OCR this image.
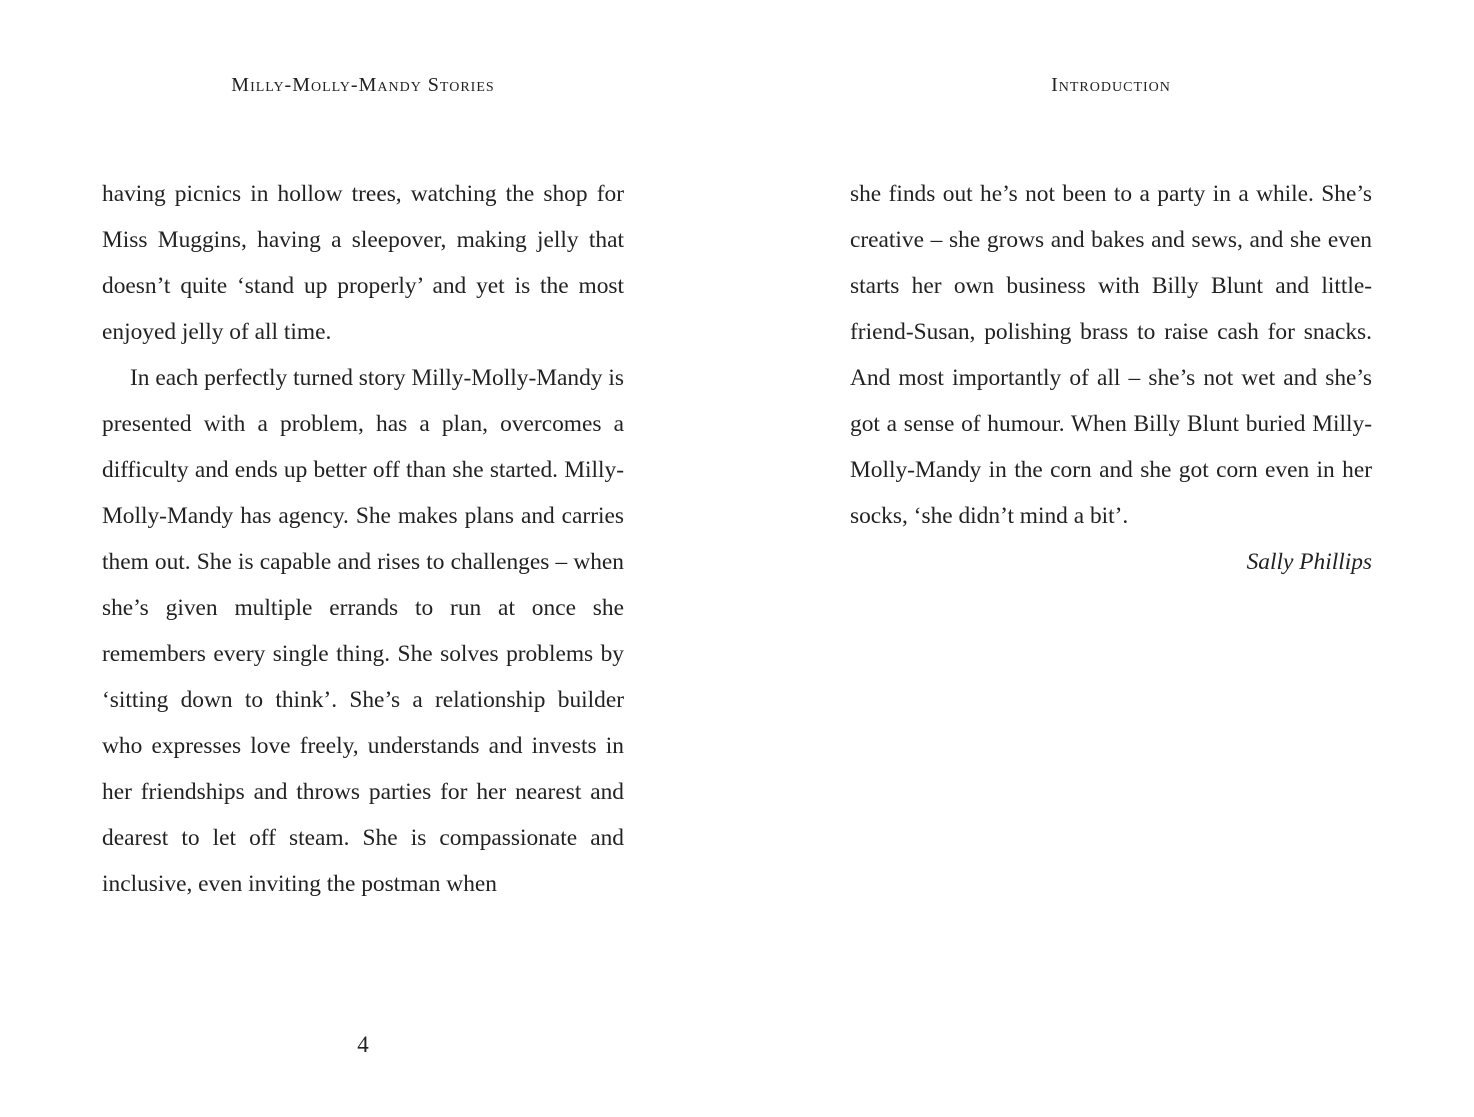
Milly-Molly-Mandy Stories

having picnics in hollow trees, watching the shop for Miss Muggins, having a sleepover, making jelly that doesn’t quite ‘stand up properly’ and yet is the most enjoyed jelly of all time.

In each perfectly turned story Milly-Molly-Mandy is presented with a problem, has a plan, overcomes a difficulty and ends up better off than she started. Milly-Molly-Mandy has agency. She makes plans and carries them out. She is capable and rises to challenges – when she’s given multiple errands to run at once she remembers every single thing. She solves problems by ‘sitting down to think’. She’s a relationship builder who expresses love freely, understands and invests in her friendships and throws parties for her nearest and dearest to let off steam. She is compassionate and inclusive, even inviting the postman when

4
Introduction

she finds out he’s not been to a party in a while. She’s creative – she grows and bakes and sews, and she even starts her own business with Billy Blunt and little-friend-Susan, polishing brass to raise cash for snacks. And most importantly of all – she’s not wet and she’s got a sense of humour. When Billy Blunt buried Milly-Molly-Mandy in the corn and she got corn even in her socks, ‘she didn’t mind a bit’.

Sally Phillips
